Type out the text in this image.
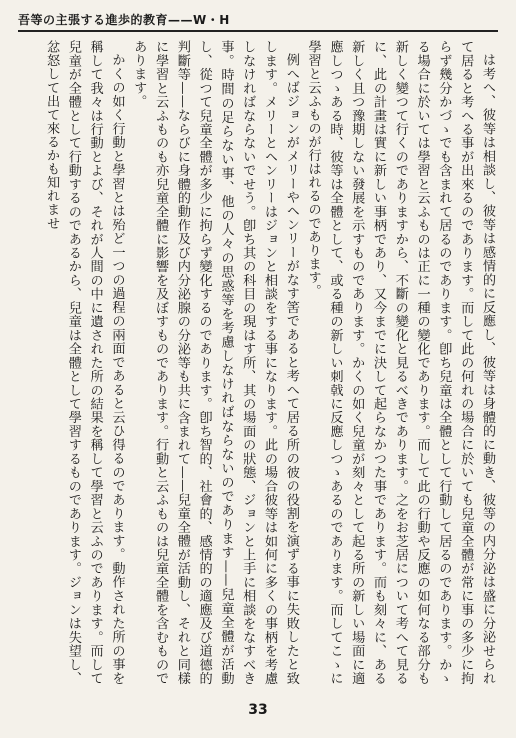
吾等の主張する進歩的教育——W・H

は考へ、彼等は相談し、彼等は感情的に反應し、彼等は身體的に動き、彼等の内分泌は盛に分泌せられて居ると考へる事が出來るのであります。而して此の何れの場合に於いても兒童全體が常に事の多少に拘らず幾分かづゝでも含まれて居るのであります。卽ち兒童は全體として行動して居るのであります。かゝる場合に於いては學習と云ふものは正に一種の變化であります。而して此の行動や反應の如何なる部分も新しく變つて行くのでありますから、不斷の變化と見るべきであります。之をお芝居について考へて見るに、此の計畫は實に新しい事柄であり、又今までに決して起らなかつた事であります。而も刻々に、ある新しく且つ豫期しない發展を示すものであります。かくの如く兒童が刻々として起る所の新しい場面に適應しつゝある時、彼等は全體として、或る種の新しい刺戟に反應しつゝあるのであります。而してこゝに學習と云ふものが行はれるのであります。

例へばジョンがメリーやヘンリーがなす筈であると考へて居る所の彼の役割を演ずる事に失敗したと致します。メリーとヘンリーはジョンと相談をする事になります。此の場合彼等は如何に多くの事柄を考慮しなければならないでせう。卽ち其の科目の現はす所、其の場面の狀態、ジョンと上手に相談をなすべき事。時間の足らない事、他の人々の思惑等を考慮しなければならないのであります——兒童全體が活動し、從つて兒童全體が多少に拘らず變化するのであります。卽ち智的、社會的、感情的の適應及び道德的判斷等——ならびに身體的動作及び内分泌腺の分泌等も共に含まれて——兒童全體が活動し、それと同樣に學習と云ふものも亦兒童全體に影響を及ぼすものであります。行動と云ふものは兒童全體を含むものであります。

かくの如く行動と學習とは殆ど一つの過程の兩面であると云ひ得るのであります。動作された所の事を稱して我々は行動とよび、それが人間の中に遺された所の結果を稱して學習と云ふのであります。而して兒童が全體として行動するのであるから、兒童は全體として學習するものであります。ジョンは失望し、忿怒して出て來るかも知れませ

33
